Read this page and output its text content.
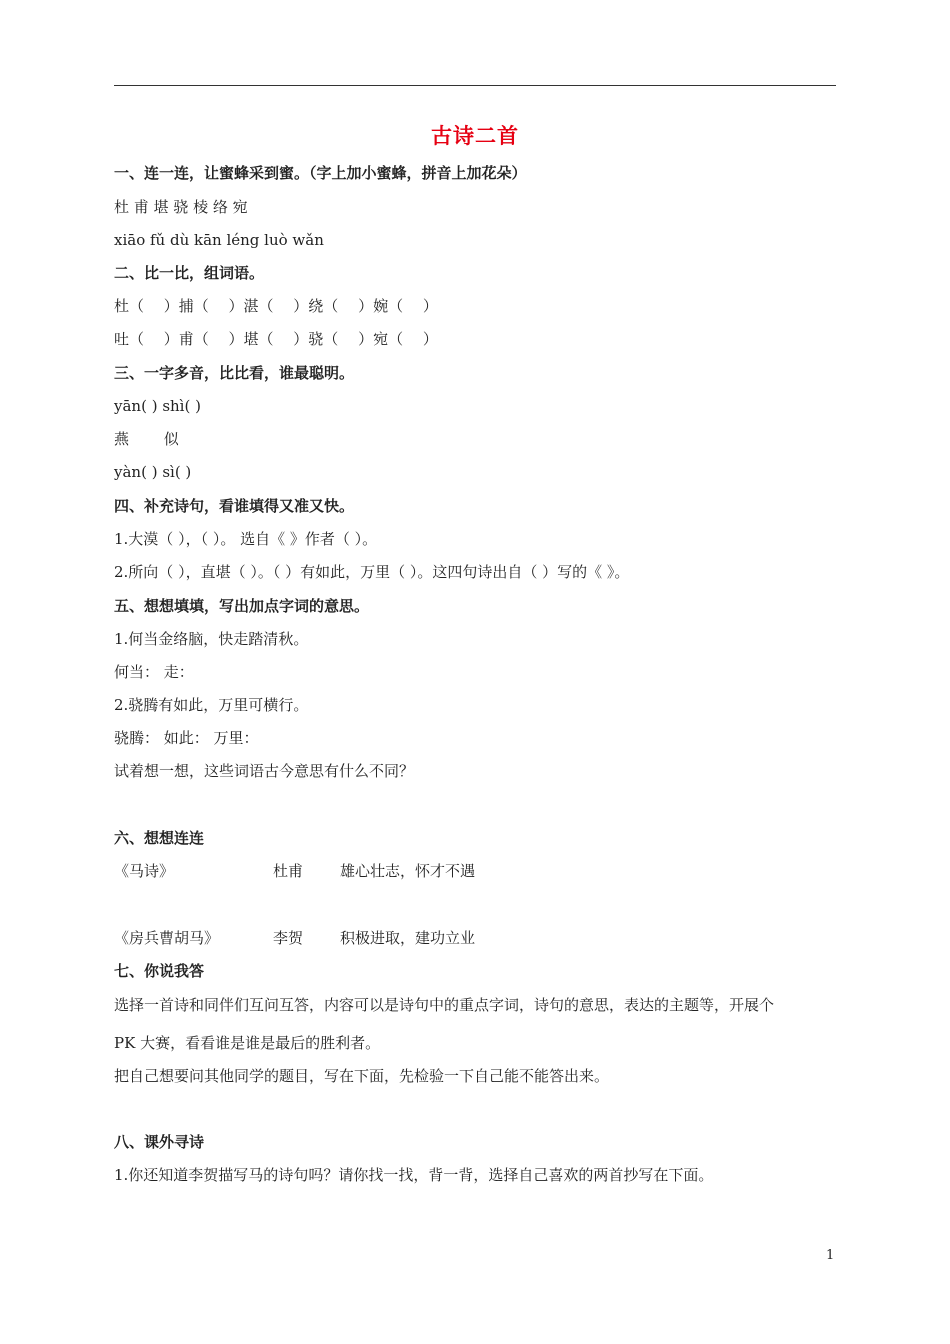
古诗二首
一、连一连，让蜜蜂采到蜜。（字上加小蜜蜂，拼音上加花朵）
杜 甫 堪 骁 棱 络 宛
xiāo fǔ dù kān léng luò wǎn
二、比一比，组词语。
杜（　 ）捕（　 ）湛（　 ）绕（　 ）婉（　 ）
吐（　 ）甫（　 ）堪（　 ）骁（　 ）宛（　 ）
三、一字多音，比比看，谁最聪明。
yān( ) shì( )
燕　　 似
yàn( ) sì( )
四、补充诗句，看谁填得又准又快。
1.大漠（ ），（ ）。 选自《 》作者（ ）。
2.所向（ ），直堪（ ）。（ ）有如此，万里（ ）。这四句诗出自（ ）写的《 》。
五、想想填填，写出加点字词的意思。
1.何当金络脑，快走踏清秋。
何当： 走：
2.骁腾有如此，万里可横行。
骁腾： 如此： 万里：
试着想一想，这些词语古今意思有什么不同？
六、想想连连
《马诗》	杜甫 雄心壮志，怀才不遇
《房兵曹胡马》	李贺 积极进取，建功立业
七、你说我答
选择一首诗和同伴们互问互答，内容可以是诗句中的重点字词，诗句的意思，表达的主题等，开展个
PK 大赛，看看谁是谁是最后的胜利者。
把自己想要问其他同学的题目，写在下面，先检验一下自己能不能答出来。
八、课外寻诗
1.你还知道李贺描写马的诗句吗？请你找一找，背一背，选择自己喜欢的两首抄写在下面。
1
